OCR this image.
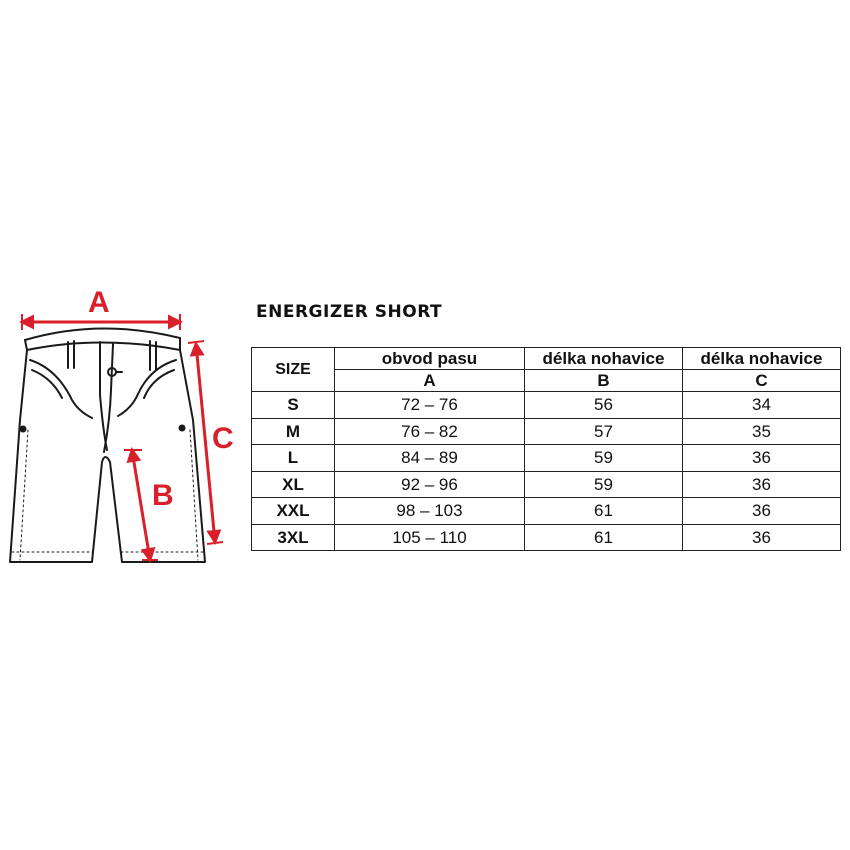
A
B
C
ENERGIZER SHORT
SIZE	obvod pasu	délka nohavice	délka nohavice
	A	B	C
S	72 – 76	56	34
M	76 – 82	57	35
L	84 – 89	59	36
XL	92 – 96	59	36
XXL	98 – 103	61	36
3XL	105 – 110	61	36
